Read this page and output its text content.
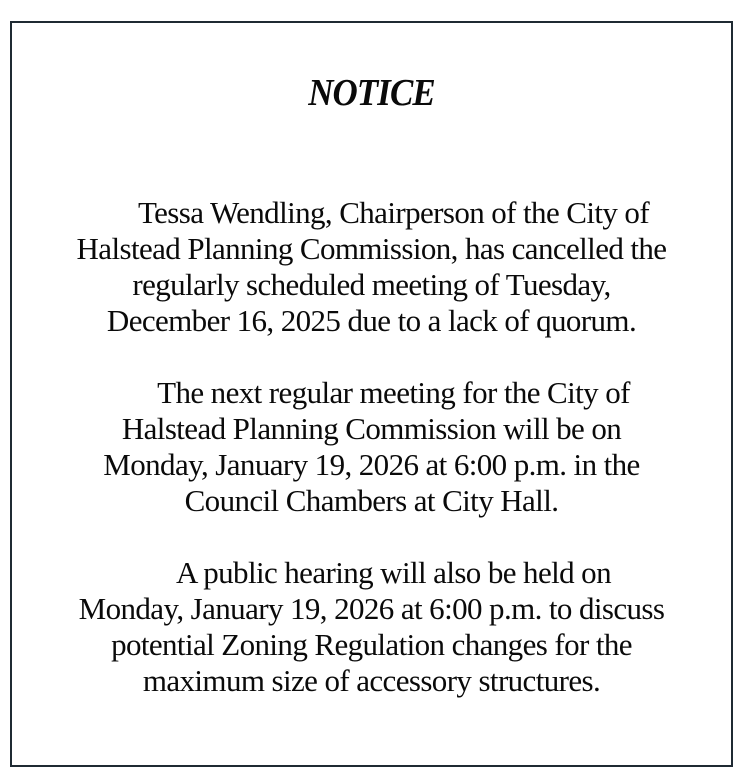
NOTICE

Tessa Wendling, Chairperson of the City of
Halstead Planning Commission, has cancelled the
regularly scheduled meeting of Tuesday,
December 16, 2025 due to a lack of quorum.

The next regular meeting for the City of
Halstead Planning Commission will be on
Monday, January 19, 2026 at 6:00 p.m. in the
Council Chambers at City Hall.

A public hearing will also be held on
Monday, January 19, 2026 at 6:00 p.m. to discuss
potential Zoning Regulation changes for the
maximum size of accessory structures.
